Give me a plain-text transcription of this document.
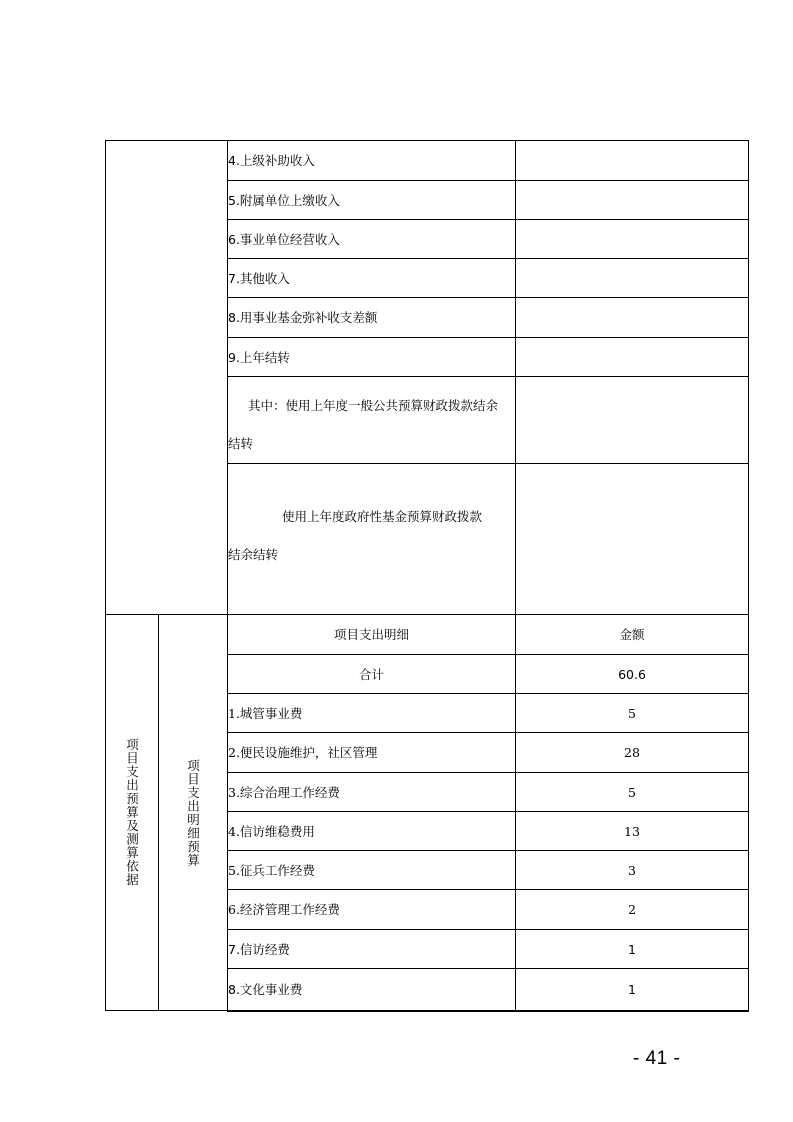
		4.上级补助收入	
		5.附属单位上缴收入	
		6.事业单位经营收入	
		7.其他收入	
		8.用事业基金弥补收支差额	
		9.上年结转	

		其中：使用上年度一般公共预算财政拨款结余
结转	

		使用上年度政府性基金预算财政拨款
结余结转	

项目支出预算及测算依据	项目支出明细预算	项目支出明细	金额
		合计	60.6
		1.城管事业费	5
		2.便民设施维护，社区管理	28
		3.综合治理工作经费	5
		4.信访维稳费用	13
		5.征兵工作经费	3
		6.经济管理工作经费	2
		7.信访经费	1
		8.文化事业费	1
- 41 -
